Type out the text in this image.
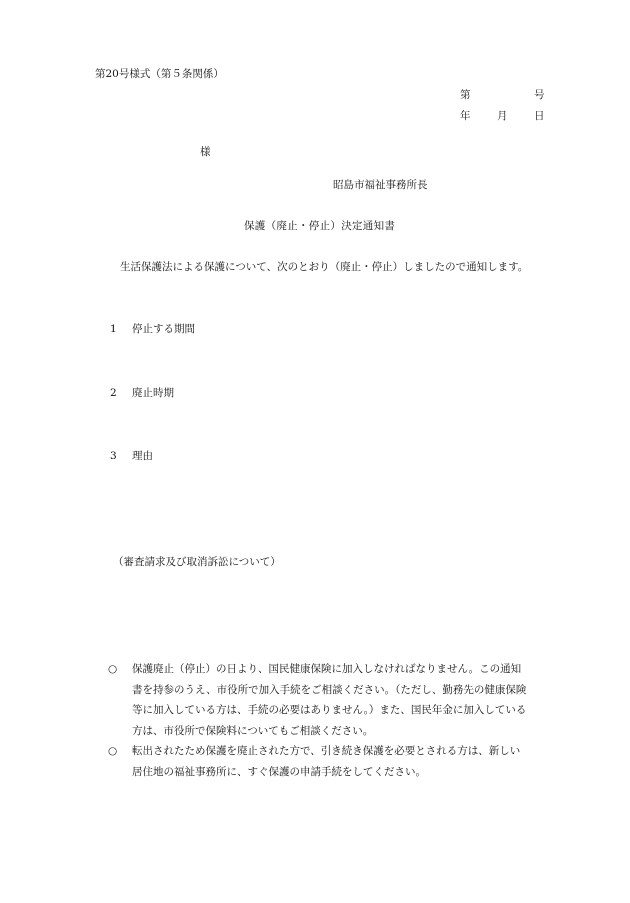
第20号様式（第５条関係）
第	号
年	月	日
様
昭島市福祉事務所長
保護（廃止・停止）決定通知書
生活保護法による保護について、次のとおり（廃止・停止）しましたので通知します。
1 停止する期間
2 廃止時期
3 理由
（審査請求及び取消訴訟について）
○ 保護廃止（停止）の日より、国民健康保険に加入しなければなりません。この通知
書を持参のうえ、市役所で加入手続をご相談ください。（ただし、勤務先の健康保険
等に加入している方は、手続の必要はありません。）また、国民年金に加入している
方は、市役所で保険料についてもご相談ください。
○ 転出されたため保護を廃止された方で、引き続き保護を必要とされる方は、新しい
居住地の福祉事務所に、すぐ保護の申請手続をしてください。
